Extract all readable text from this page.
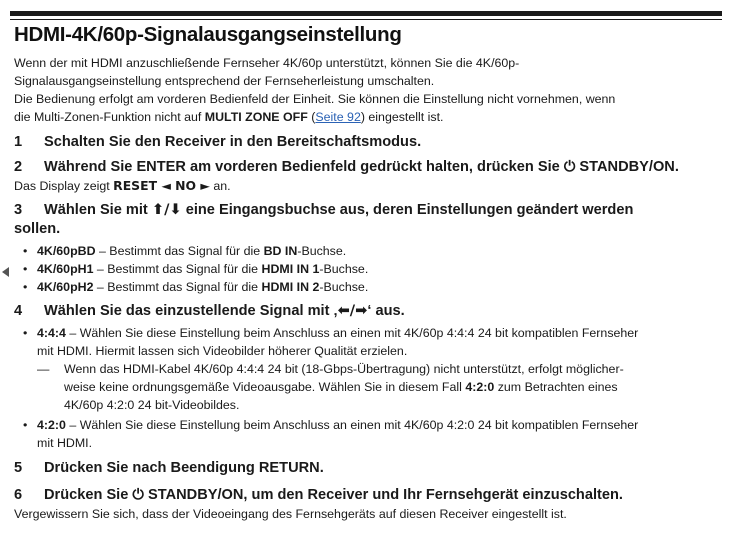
HDMI-4K/60p-Signalausgangseinstellung

Wenn der mit HDMI anzuschließende Fernseher 4K/60p unterstützt, können Sie die 4K/60p-

Signalausgangseinstellung entsprechend der Fernseherleistung umschalten.

Die Bedienung erfolgt am vorderen Bedienfeld der Einheit. Sie können die Einstellung nicht vornehmen, wenn

die Multi-Zonen-Funktion nicht auf MULTI ZONE OFF (Seite 92) eingestellt ist.

1 Schalten Sie den Receiver in den Bereitschaftsmodus.
2 Während Sie ENTER am vorderen Bedienfeld gedrückt halten, drücken Sie ⏻ STANDBY/ON.

Das Display zeigt RESET ◄ NO ► an.

3 Wählen Sie mit ⬆/⬇ eine Eingangsbuchse aus, deren Einstellungen geändert werden
sollen.
• 4K/60pBD – Bestimmt das Signal für die BD IN-Buchse.
• 4K/60pH1 – Bestimmt das Signal für die HDMI IN 1-Buchse.
• 4K/60pH2 – Bestimmt das Signal für die HDMI IN 2-Buchse.
4 Wählen Sie das einzustellende Signal mit ‚⬅/➡‘ aus.
• 4:4:4 – Wählen Sie diese Einstellung beim Anschluss an einen mit 4K/60p 4:4:4 24 bit kompatiblen Fernseher
mit HDMI. Hiermit lassen sich Videobilder höherer Qualität erzielen.
— Wenn das HDMI-Kabel 4K/60p 4:4:4 24 bit (18-Gbps-Übertragung) nicht unterstützt, erfolgt möglicher-
weise keine ordnungsgemäße Videoausgabe. Wählen Sie in diesem Fall 4:2:0 zum Betrachten eines
4K/60p 4:2:0 24 bit-Videobildes.
• 4:2:0 – Wählen Sie diese Einstellung beim Anschluss an einen mit 4K/60p 4:2:0 24 bit kompatiblen Fernseher
mit HDMI.
5 Drücken Sie nach Beendigung RETURN.
6 Drücken Sie ⏻ STANDBY/ON, um den Receiver und Ihr Fernsehgerät einzuschalten.

Vergewissern Sie sich, dass der Videoeingang des Fernsehgeräts auf diesen Receiver eingestellt ist.
